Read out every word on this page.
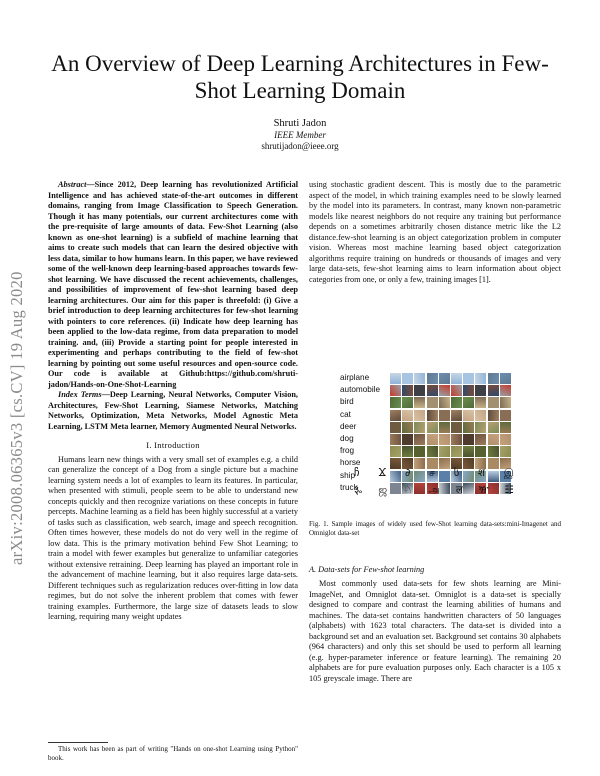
arXiv:2008.06365v3 [cs.CV] 19 Aug 2020
An Overview of Deep Learning Architectures in Few-Shot Learning Domain
Shruti Jadon
IEEE Member
shrutijadon@ieee.org

Abstract—Since 2012, Deep learning has revolutionized Artificial Intelligence and has achieved state-of-the-art outcomes in different domains, ranging from Image Classification to Speech Generation. Though it has many potentials, our current architectures come with the pre-requisite of large amounts of data. Few-Shot Learning (also known as one-shot learning) is a subfield of machine learning that aims to create such models that can learn the desired objective with less data, similar to how humans learn. In this paper, we have reviewed some of the well-known deep learning-based approaches towards few-shot learning. We have discussed the recent achievements, challenges, and possibilities of improvement of few-shot learning based deep learning architectures. Our aim for this paper is threefold: (i) Give a brief introduction to deep learning architectures for few-shot learning with pointers to core references. (ii) Indicate how deep learning has been applied to the low-data regime, from data preparation to model training. and, (iii) Provide a starting point for people interested in experimenting and perhaps contributing to the field of few-shot learning by pointing out some useful resources and open-source code. Our code is available at Github:https://github.com/shruti-jadon/Hands-on-One-Shot-Learning

Index Terms—Deep Learning, Neural Networks, Computer Vision, Architectures, Few-Shot Learning, Siamese Networks, Matching Networks, Optimization, Meta Networks, Model Agnostic Meta Learning, LSTM Meta learner, Memory Augmented Neural Networks.

I. Introduction

Humans learn new things with a very small set of examples e.g. a child can generalize the concept of a Dog from a single picture but a machine learning system needs a lot of examples to learn its features. In particular, when presented with stimuli, people seem to be able to understand new concepts quickly and then recognize variations on these concepts in future percepts. Machine learning as a field has been highly successful at a variety of tasks such as classification, web search, image and speech recognition. Often times however, these models do not do very well in the regime of low data. This is the primary motivation behind Few Shot Learning; to train a model with fewer examples but generalize to unfamiliar categories without extensive retraining. Deep learning has played an important role in the advancement of machine learning, but it also requires large data-sets. Different techniques such as regularization reduces over-fitting in low data regimes, but do not solve the inherent problem that comes with fewer training examples. Furthermore, the large size of datasets leads to slow learning, requiring many weight updates

This work has been as part of writing "Hands on one-shot Learning using Python" book.

using stochastic gradient descent. This is mostly due to the parametric aspect of the model, in which training examples need to be slowly learned by the model into its parameters. In contrast, many known non-parametric models like nearest neighbors do not require any training but performance depends on a sometimes arbitrarily chosen distance metric like the L2 distance.few-shot learning is an object categorization problem in computer vision. Whereas most machine learning based object categorization algorithms require training on hundreds or thousands of images and very large data-sets, few-shot learning aims to learn information about object categories from one, or only a few, training images [1].

airplane
automobile
bird
cat
deer
dog
frog
horse
ship
truck
ჩ Ϫ ∂ ச ს श இ
૱ ஜ ♘ அ ल ዥ ☷
Fig. 1. Sample images of widely used few-Shot learning data-sets:mini-Imagenet and Omniglot data-set
A. Data-sets for Few-shot learning
Most commonly used data-sets for few shots learning are Mini-ImageNet, and Omniglot data-set. Omniglot is a data-set is specially designed to compare and contrast the learning abilities of humans and machines. The data-set contains handwritten characters of 50 languages (alphabets) with 1623 total characters. The data-set is divided into a background set and an evaluation set. Background set contains 30 alphabets (964 characters) and only this set should be used to perform all learning (e.g. hyper-parameter inference or feature learning). The remaining 20 alphabets are for pure evaluation purposes only. Each character is a 105 x 105 greyscale image. There are
